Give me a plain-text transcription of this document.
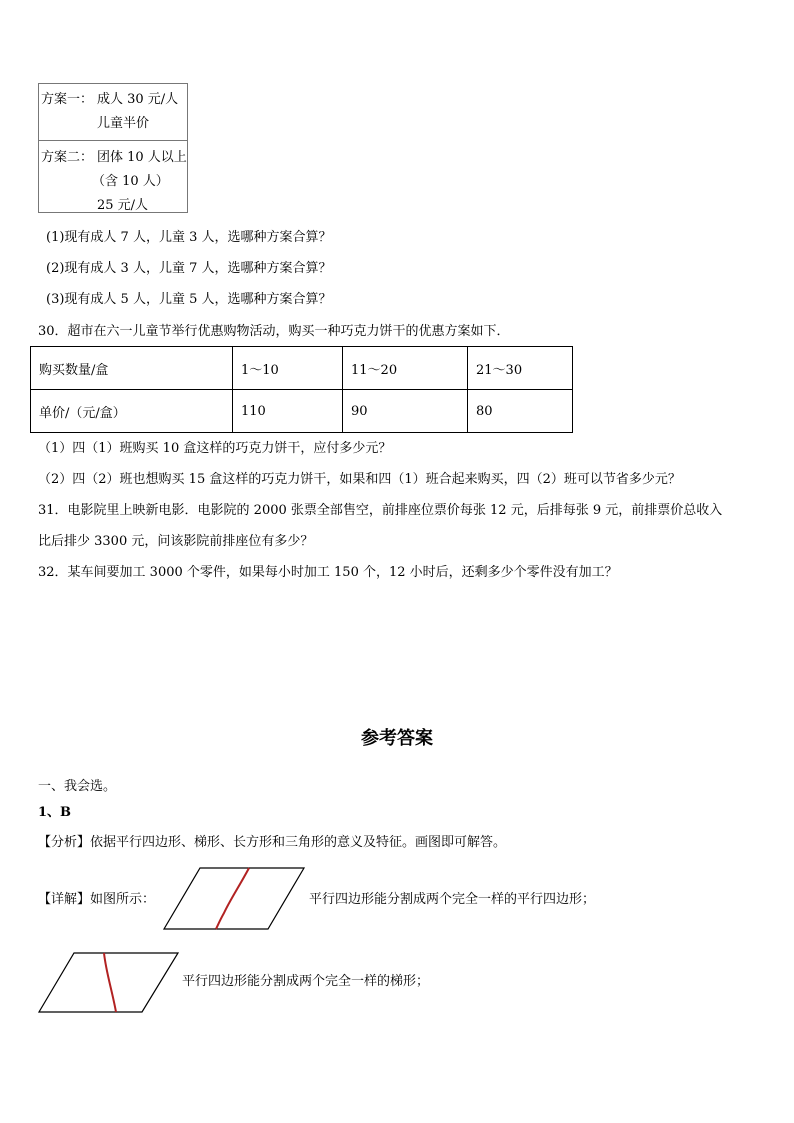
方案一： 成人 30 元/人
儿童半价
方案二： 团体 10 人以上
（含 10 人）
25 元/人
(1)现有成人 7 人，儿童 3 人，选哪种方案合算？
(2)现有成人 3 人，儿童 7 人，选哪种方案合算？
(3)现有成人 5 人，儿童 5 人，选哪种方案合算？
30．超市在六一儿童节举行优惠购物活动，购买一种巧克力饼干的优惠方案如下．
购买数量/盒	1～10	11～20	21～30
单价/（元/盒）	110	90	80
（1）四（1）班购买 10 盒这样的巧克力饼干，应付多少元？
（2）四（2）班也想购买 15 盒这样的巧克力饼干，如果和四（1）班合起来购买，四（2）班可以节省多少元？
31．电影院里上映新电影．电影院的 2000 张票全部售空，前排座位票价每张 12 元，后排每张 9 元，前排票价总收入
比后排少 3300 元，问该影院前排座位有多少？
32．某车间要加工 3000 个零件，如果每小时加工 150 个，12 小时后，还剩多少个零件没有加工？
参考答案
一、我会选。
1、B
【分析】依据平行四边形、梯形、长方形和三角形的意义及特征。画图即可解答。
【详解】如图所示：	平行四边形能分割成两个完全一样的平行四边形；
平行四边形能分割成两个完全一样的梯形；
